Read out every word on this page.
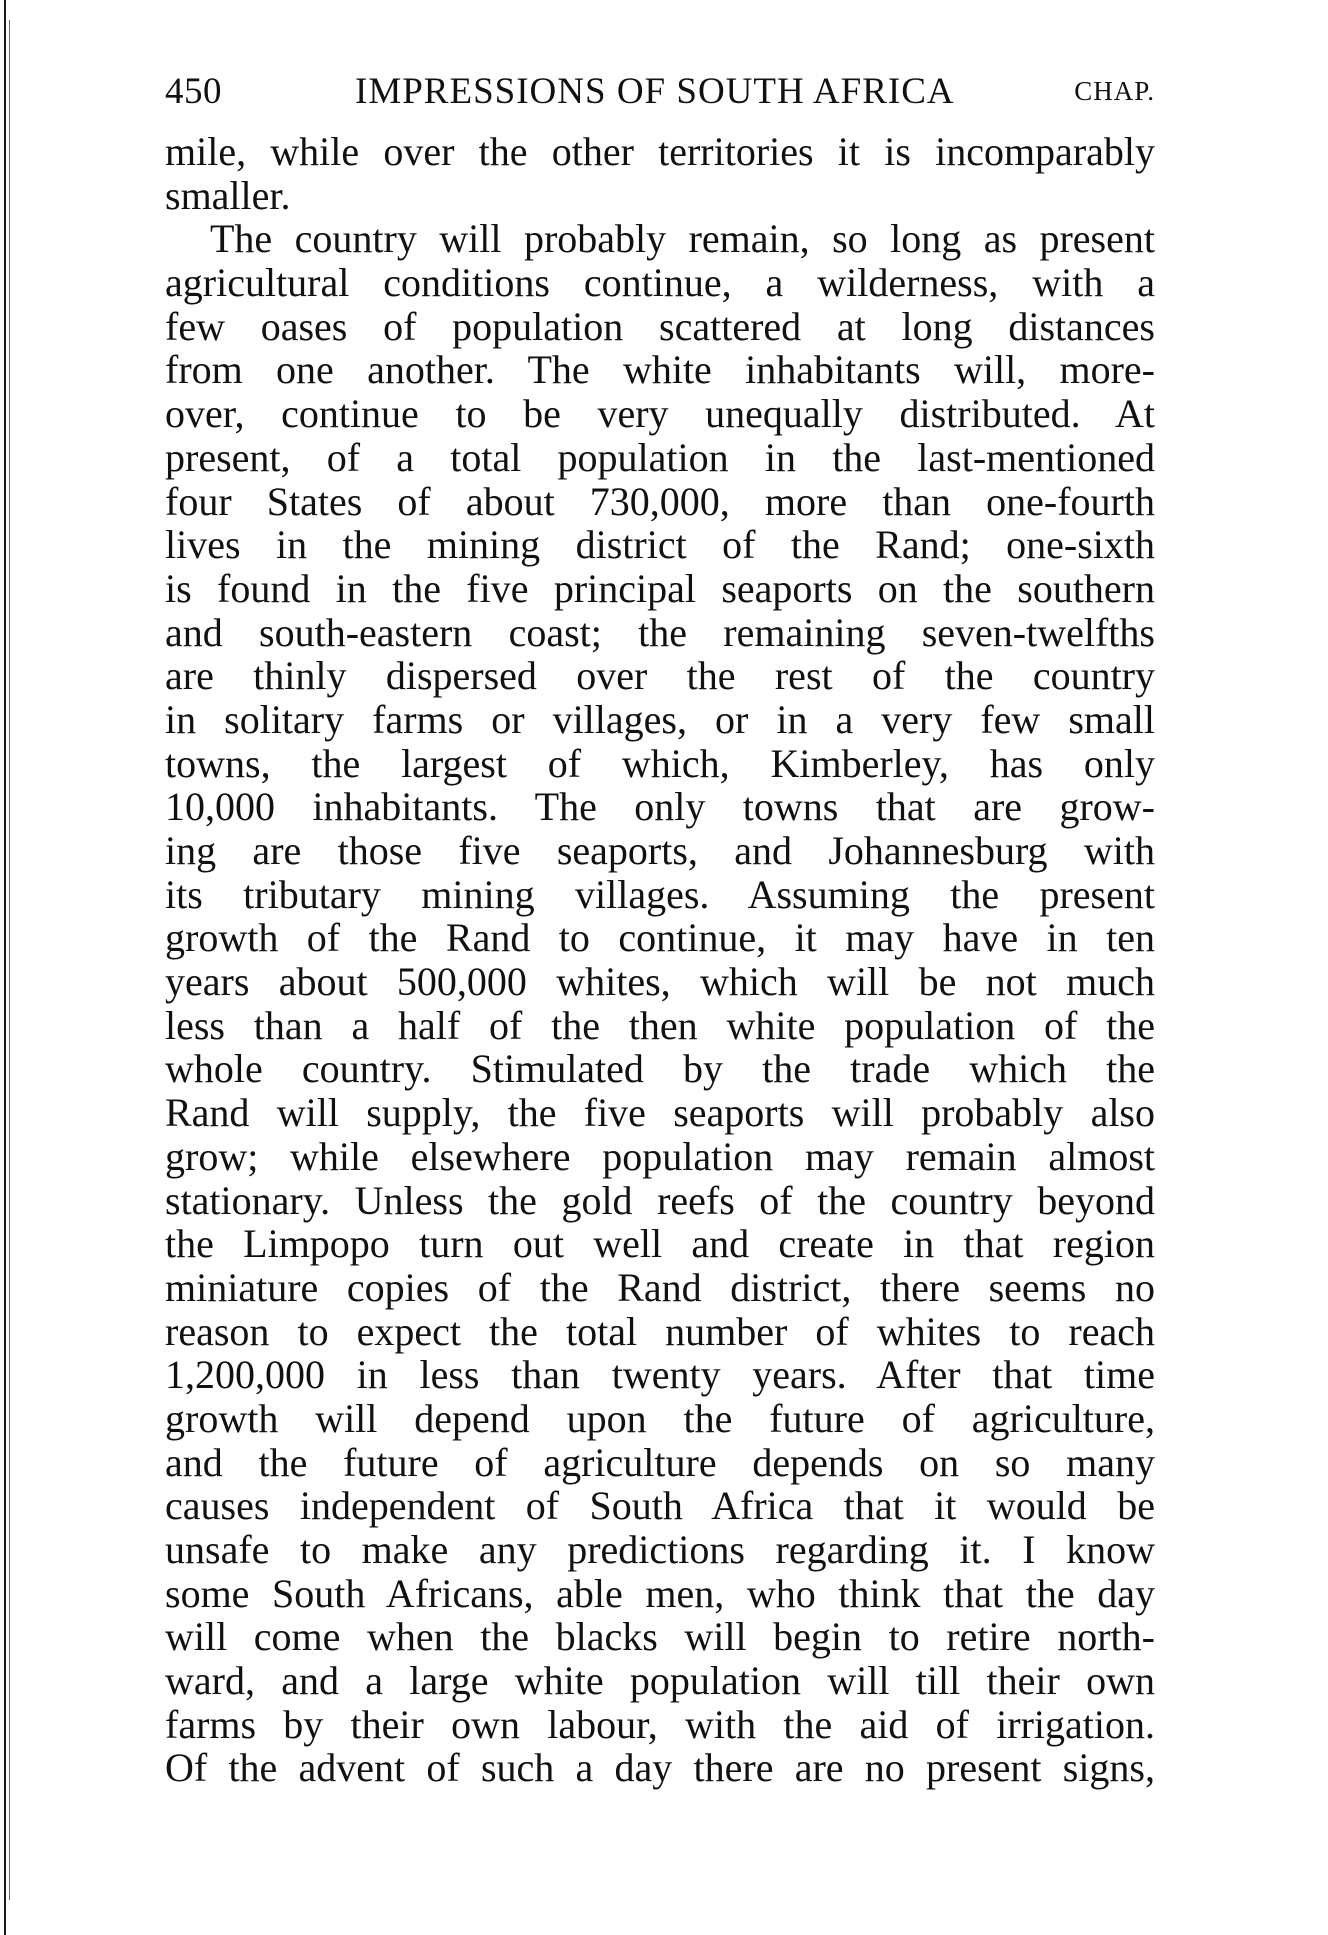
450	IMPRESSIONS OF SOUTH AFRICA	CHAP.
mile, while over the other territories it is incomparably
smaller.
The country will probably remain, so long as present
agricultural conditions continue, a wilderness, with a
few oases of population scattered at long distances
from one another. The white inhabitants will, more-
over, continue to be very unequally distributed. At
present, of a total population in the last-mentioned
four States of about 730,000, more than one-fourth
lives in the mining district of the Rand; one-sixth
is found in the five principal seaports on the southern
and south-eastern coast; the remaining seven-twelfths
are thinly dispersed over the rest of the country
in solitary farms or villages, or in a very few small
towns, the largest of which, Kimberley, has only
10,000 inhabitants. The only towns that are grow-
ing are those five seaports, and Johannesburg with
its tributary mining villages. Assuming the present
growth of the Rand to continue, it may have in ten
years about 500,000 whites, which will be not much
less than a half of the then white population of the
whole country. Stimulated by the trade which the
Rand will supply, the five seaports will probably also
grow; while elsewhere population may remain almost
stationary. Unless the gold reefs of the country beyond
the Limpopo turn out well and create in that region
miniature copies of the Rand district, there seems no
reason to expect the total number of whites to reach
1,200,000 in less than twenty years. After that time
growth will depend upon the future of agriculture,
and the future of agriculture depends on so many
causes independent of South Africa that it would be
unsafe to make any predictions regarding it. I know
some South Africans, able men, who think that the day
will come when the blacks will begin to retire north-
ward, and a large white population will till their own
farms by their own labour, with the aid of irrigation.
Of the advent of such a day there are no present signs,
